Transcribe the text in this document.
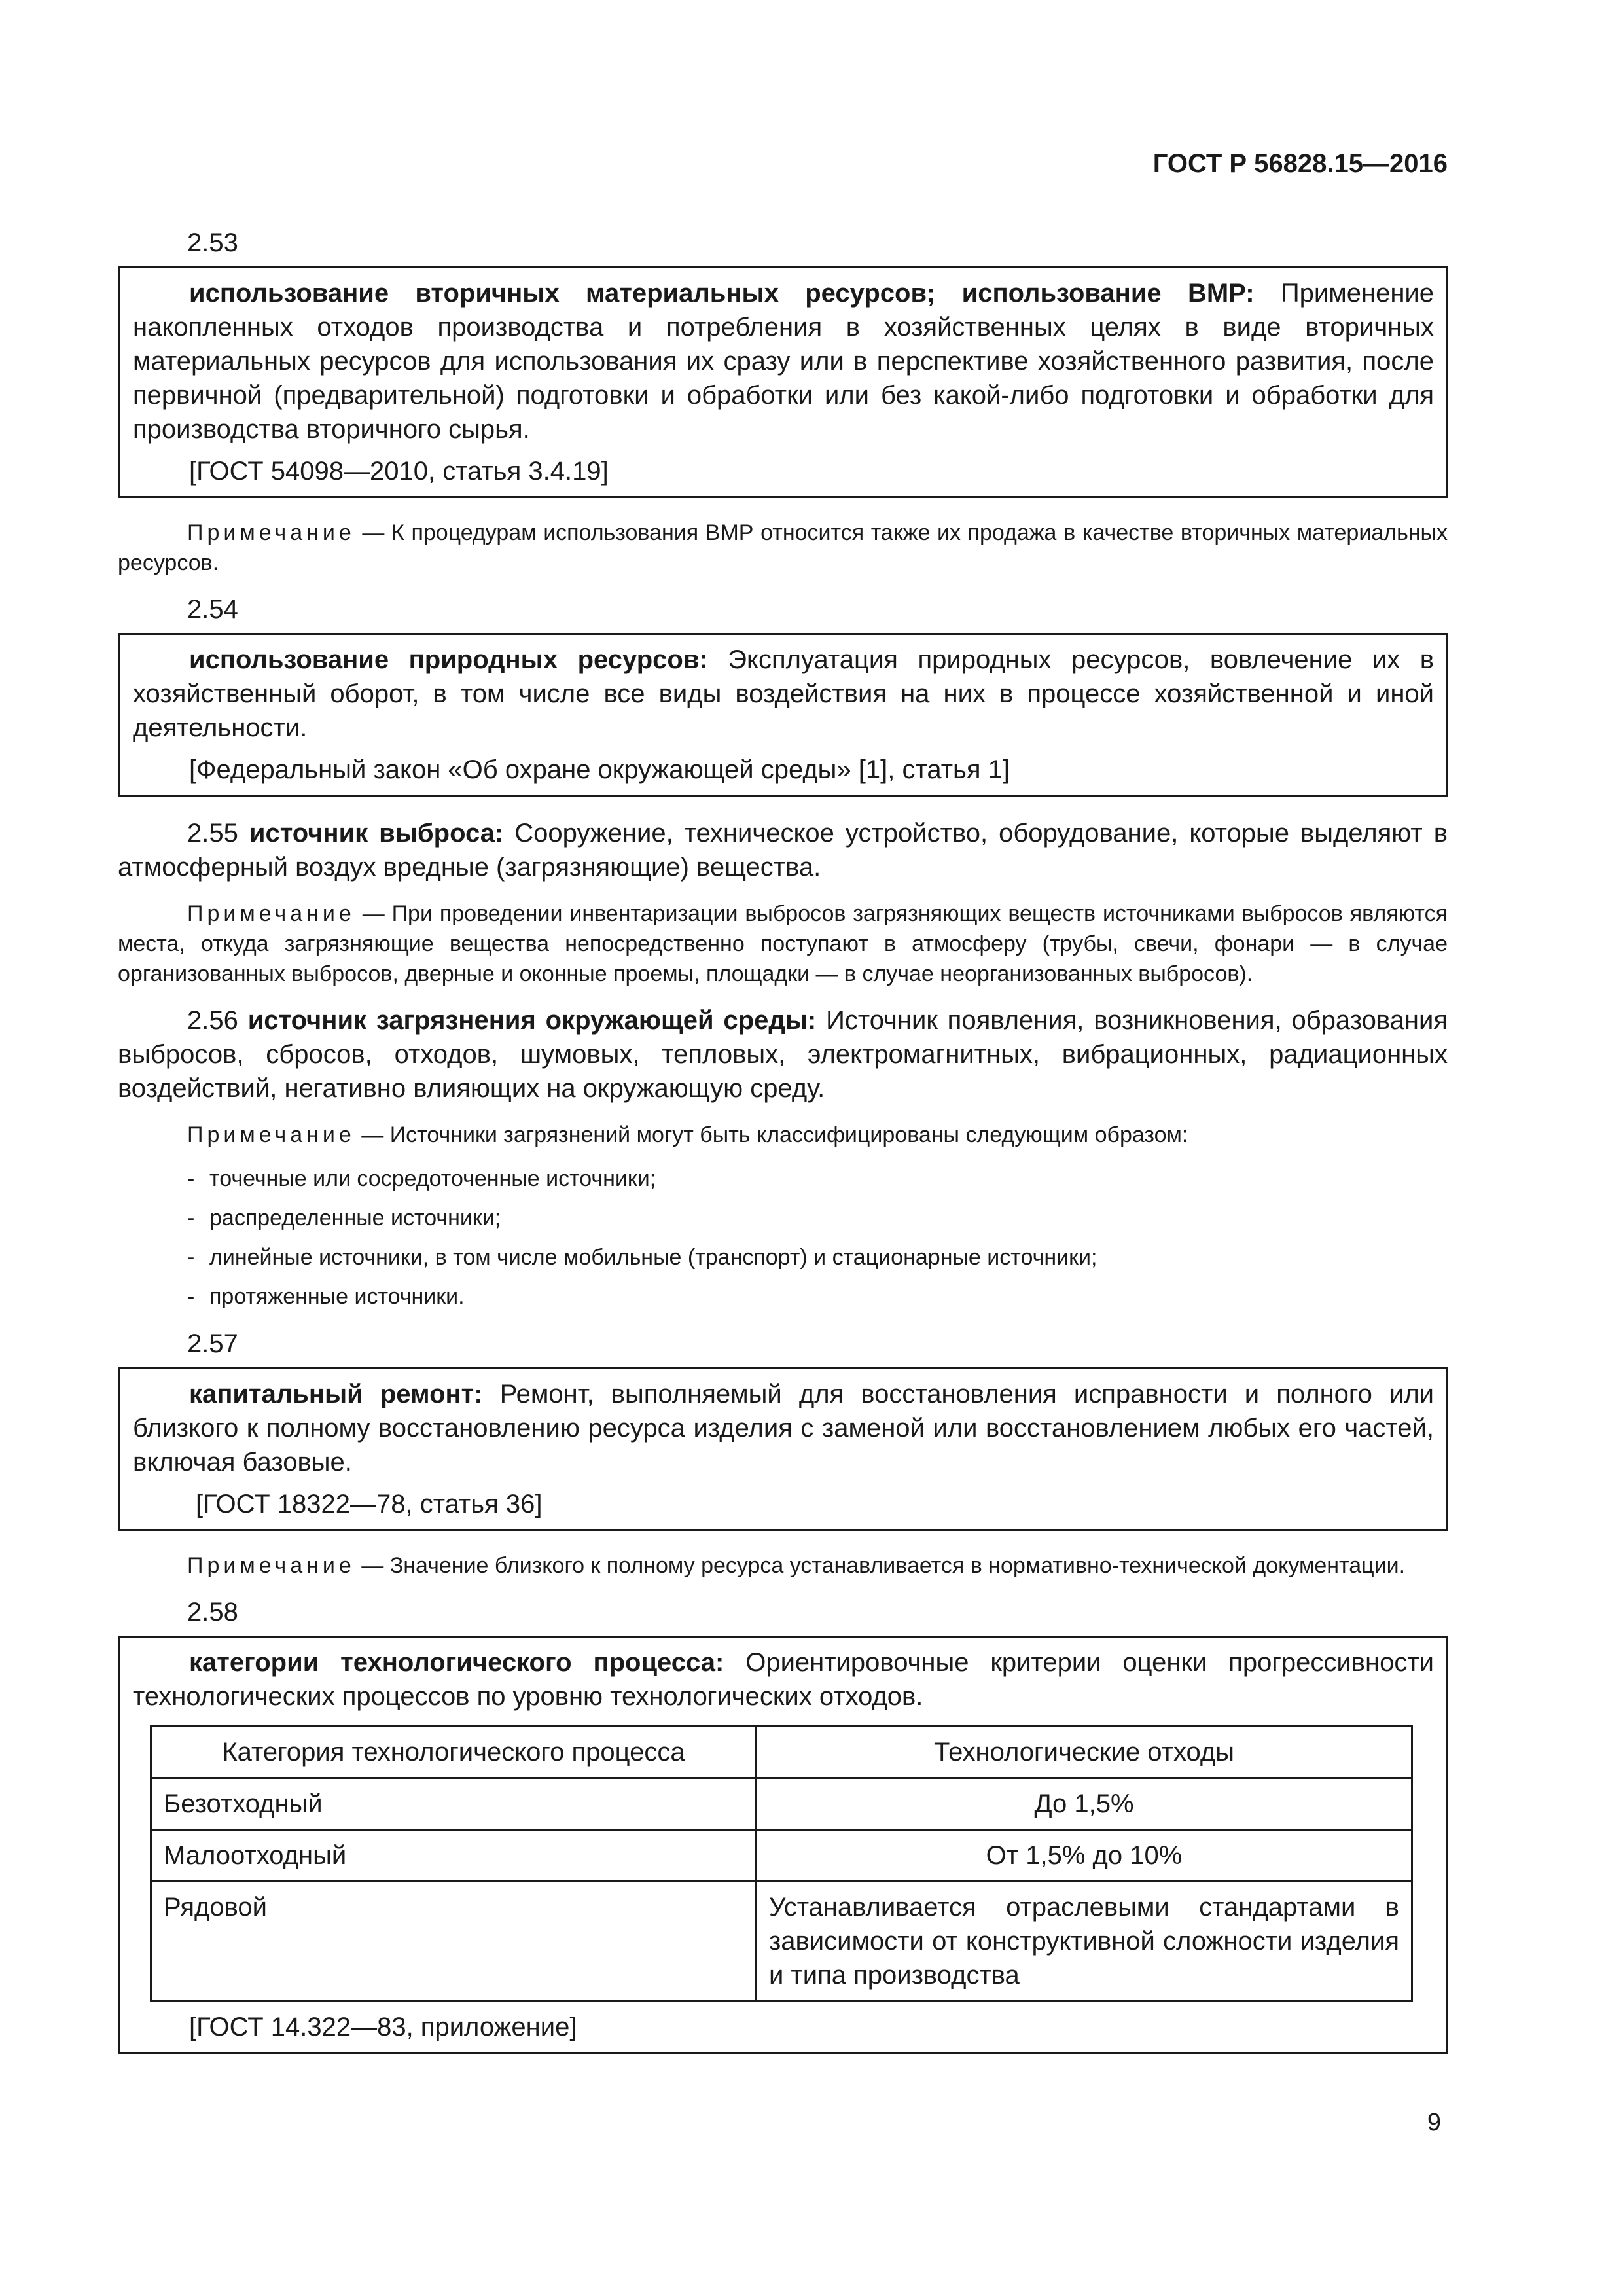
ГОСТ Р 56828.15—2016
2.53

использование вторичных материальных ресурсов; использование ВМР: Применение накопленных отходов производства и потребления в хозяйственных целях в виде вторичных материальных ресурсов для использования их сразу или в перспективе хозяйственного развития, после первичной (предварительной) подготовки и обработки или без какой-либо подготовки и обработки для производства вторичного сырья.

[ГОСТ 54098—2010, статья 3.4.19]

Примечание — К процедурам использования ВМР относится также их продажа в качестве вторичных материальных ресурсов.

2.54

использование природных ресурсов: Эксплуатация природных ресурсов, вовлечение их в хозяйственный оборот, в том числе все виды воздействия на них в процессе хозяйственной и иной деятельности.

[Федеральный закон «Об охране окружающей среды» [1], статья 1]

2.55 источник выброса: Сооружение, техническое устройство, оборудование, которые выделяют в атмосферный воздух вредные (загрязняющие) вещества.

Примечание — При проведении инвентаризации выбросов загрязняющих веществ источниками выбросов являются места, откуда загрязняющие вещества непосредственно поступают в атмосферу (трубы, свечи, фонари — в случае организованных выбросов, дверные и оконные проемы, площадки — в случае неорганизованных выбросов).

2.56 источник загрязнения окружающей среды: Источник появления, возникновения, образования выбросов, сбросов, отходов, шумовых, тепловых, электромагнитных, вибрационных, радиационных воздействий, негативно влияющих на окружающую среду.

Примечание — Источники загрязнений могут быть классифицированы следующим образом:

- точечные или сосредоточенные источники;
- распределенные источники;
- линейные источники, в том числе мобильные (транспорт) и стационарные источники;
- протяженные источники.
2.57

капитальный ремонт: Ремонт, выполняемый для восстановления исправности и полного или близкого к полному восстановлению ресурса изделия с заменой или восстановлением любых его частей, включая базовые.

[ГОСТ 18322—78, статья 36]

Примечание — Значение близкого к полному ресурса устанавливается в нормативно-технической документации.

2.58

категории технологического процесса: Ориентировочные критерии оценки прогрессивности технологических процессов по уровню технологических отходов.

Категория технологического процесса	Технологические отходы
Безотходный	До 1,5%
Малоотходный	От 1,5% до 10%
Рядовой	Устанавливается отраслевыми стандартами в зависимости от конструктивной сложности изделия и типа производства

[ГОСТ 14.322—83, приложение]

9
